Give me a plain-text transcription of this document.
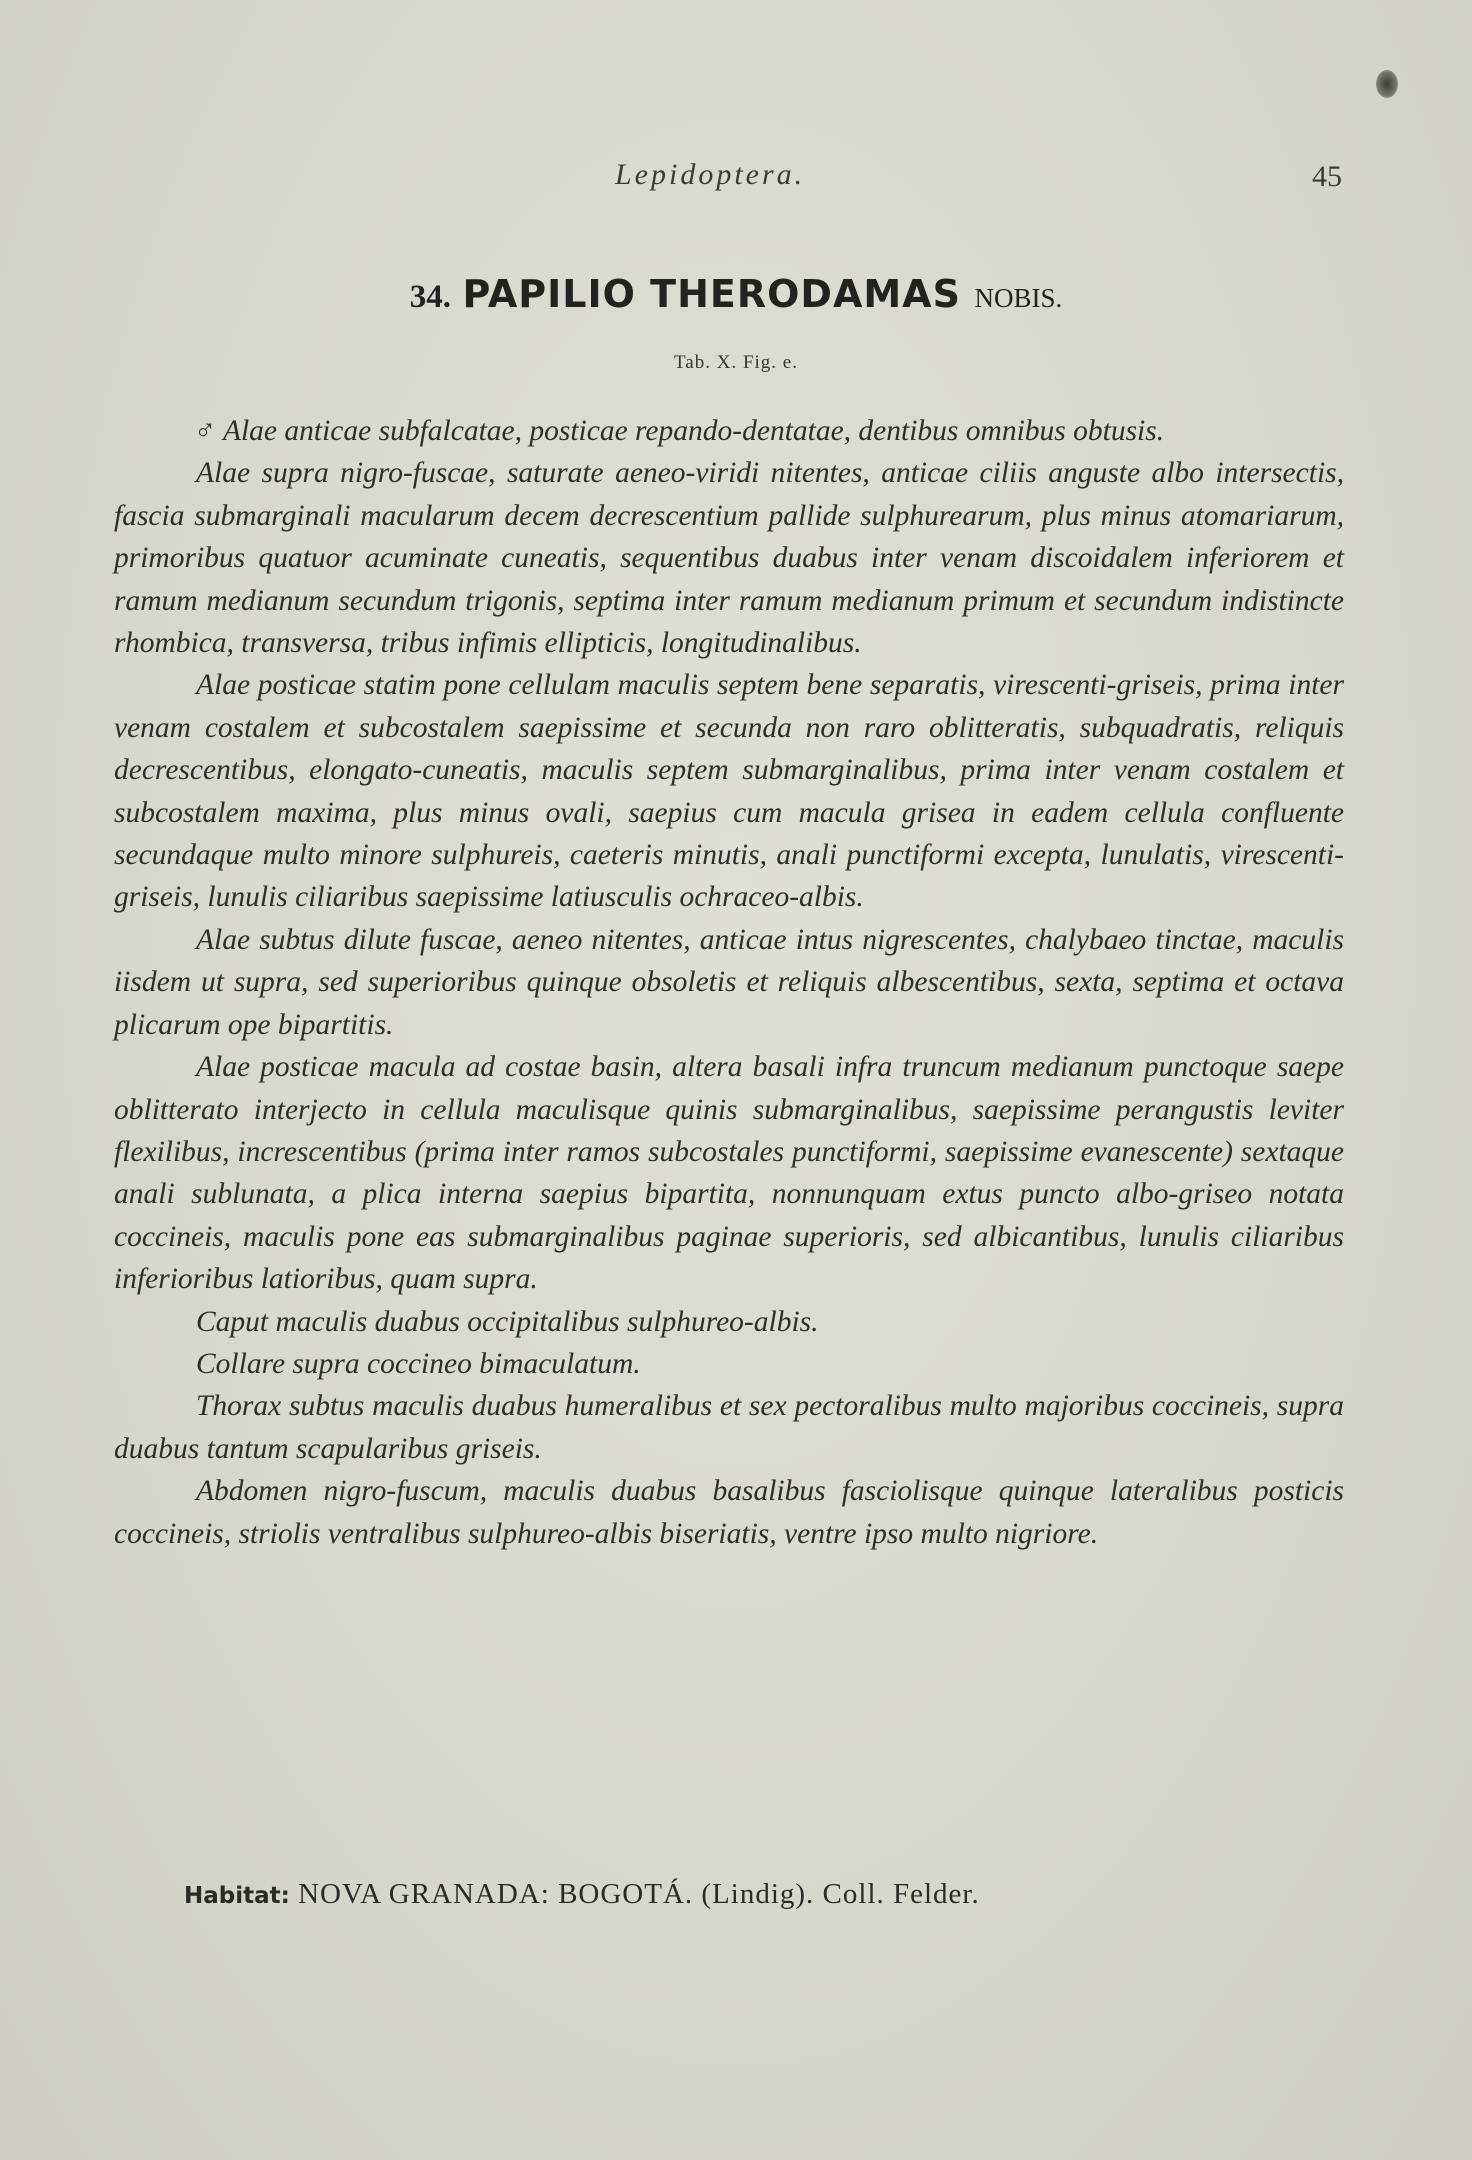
Lepidoptera.	45
34. PAPILIO THERODAMAS NOBIS.
Tab. X. Fig. e.

♂ Alae anticae subfalcatae, posticae repando-dentatae, dentibus omnibus obtusis.

Alae supra nigro-fuscae, saturate aeneo-viridi nitentes, anticae ciliis anguste albo intersectis, fascia submarginali macularum decem decrescentium pallide sulphurearum, plus minus atomariarum, primoribus quatuor acuminate cuneatis, sequentibus duabus inter venam discoidalem inferiorem et ramum medianum secundum trigonis, septima inter ramum medianum primum et secundum indistincte rhombica, transversa, tribus infimis ellipticis, longitudinalibus.

Alae posticae statim pone cellulam maculis septem bene separatis, virescenti-griseis, prima inter venam costalem et subcostalem saepissime et secunda non raro oblitteratis, subquadratis, reliquis decrescentibus, elongato-cuneatis, maculis septem submarginalibus, prima inter venam costalem et subcostalem maxima, plus minus ovali, saepius cum macula grisea in eadem cellula confluente secundaque multo minore sulphureis, caeteris minutis, anali punctiformi excepta, lunulatis, virescenti-griseis, lunulis ciliaribus saepissime latiusculis ochraceo-albis.

Alae subtus dilute fuscae, aeneo nitentes, anticae intus nigrescentes, chalybaeo tinctae, maculis iisdem ut supra, sed superioribus quinque obsoletis et reliquis albescentibus, sexta, septima et octava plicarum ope bipartitis.

Alae posticae macula ad costae basin, altera basali infra truncum medianum punctoque saepe oblitterato interjecto in cellula maculisque quinis submarginalibus, saepissime perangustis leviter flexilibus, increscentibus (prima inter ramos subcostales punctiformi, saepissime evanescente) sextaque anali sublunata, a plica interna saepius bipartita, nonnunquam extus puncto albo-griseo notata coccineis, maculis pone eas submarginalibus paginae superioris, sed albicantibus, lunulis ciliaribus inferioribus latioribus, quam supra.

Caput maculis duabus occipitalibus sulphureo-albis.

Collare supra coccineo bimaculatum.

Thorax subtus maculis duabus humeralibus et sex pectoralibus multo majoribus coccineis, supra duabus tantum scapularibus griseis.

Abdomen nigro-fuscum, maculis duabus basalibus fasciolisque quinque lateralibus posticis coccineis, striolis ventralibus sulphureo-albis biseriatis, ventre ipso multo nigriore.

Habitat: NOVA GRANADA: BOGOTÁ. (Lindig). Coll. Felder.
